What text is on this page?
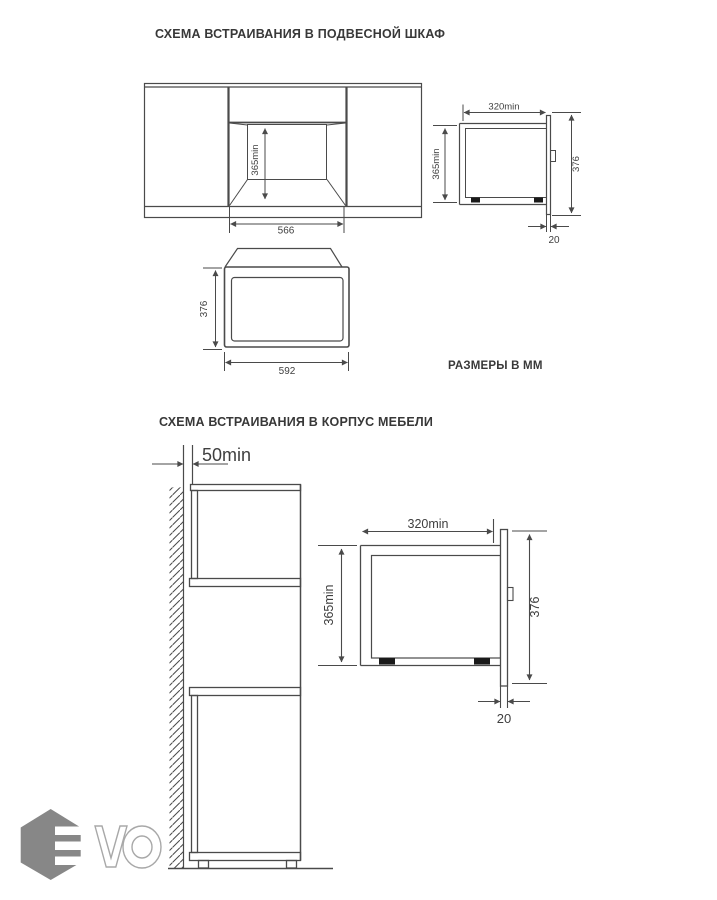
СХЕМА ВСТРАИВАНИЯ В ПОДВЕСНОЙ ШКАФ
РАЗМЕРЫ В ММ
СХЕМА ВСТРАИВАНИЯ В КОРПУС МЕБЕЛИ
365min
566
320min
365min	376
20
376
592
50min
320min
365min	376
20
